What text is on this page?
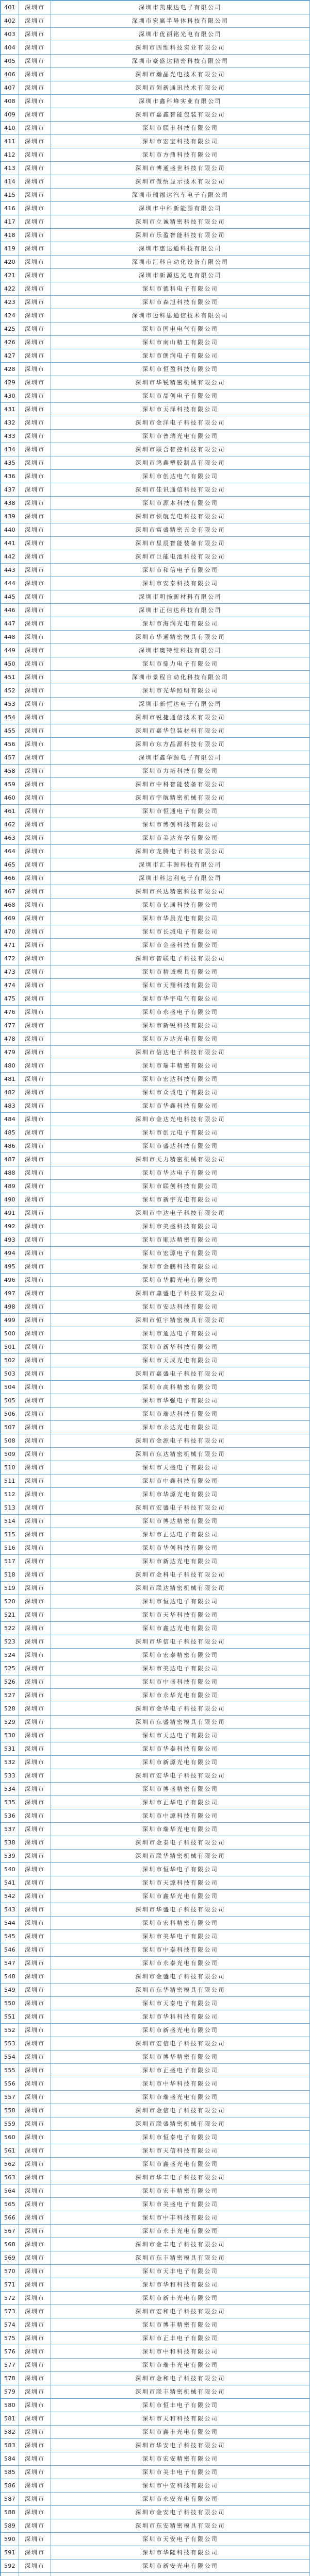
401	深圳市	深圳市凯康达电子有限公司
402	深圳市	深圳市宏赢半导体科技有限公司
403	深圳市	深圳市优丽铭光电有限公司
404	深圳市	深圳市四维科技实业有限公司
405	深圳市	深圳市豪盛达精密科技有限公司
406	深圳市	深圳市瀚晶光电技术有限公司
407	深圳市	深圳市创新通讯技术有限公司
408	深圳市	深圳市鑫科峰实业有限公司
409	深圳市	深圳市嘉鑫智能包装有限公司
410	深圳市	深圳市联丰科技有限公司
411	深圳市	深圳市宏宝科技有限公司
412	深圳市	深圳市方鼎科技有限公司
413	深圳市	深圳市博通盛世科技有限公司
414	深圳市	深圳市微纳显示技术有限公司
415	深圳市	深圳市瑞福达汽车电子有限公司
416	深圳市	深圳市中科新能源有限公司
417	深圳市	深圳市立诚精密科技有限公司
418	深圳市	深圳市乐盈智能科技有限公司
419	深圳市	深圳市惠达通科技有限公司
420	深圳市	深圳市汇科自动化设备有限公司
421	深圳市	深圳市新源达光电有限公司
422	深圳市	深圳市德科电子有限公司
423	深圳市	深圳市森旭科技有限公司
424	深圳市	深圳市迈科思通信技术有限公司
425	深圳市	深圳市国电电气有限公司
426	深圳市	深圳市南山精工有限公司
427	深圳市	深圳市朗润电子有限公司
428	深圳市	深圳市恒盈科技有限公司
429	深圳市	深圳市华锐精密机械有限公司
430	深圳市	深圳市晶创电子有限公司
431	深圳市	深圳市天泽科技有限公司
432	深圳市	深圳市金洋电子科技有限公司
433	深圳市	深圳市普瑞光电有限公司
434	深圳市	深圳市联合智控科技有限公司
435	深圳市	深圳市鸿鑫塑胶制品有限公司
436	深圳市	深圳市创达电气有限公司
437	深圳市	深圳市佳讯通信科技有限公司
438	深圳市	深圳市源本科技有限公司
439	深圳市	深圳市领航光电科技有限公司
440	深圳市	深圳市富盛精密五金有限公司
441	深圳市	深圳市星辰智能装备有限公司
442	深圳市	深圳市巨能电池科技有限公司
443	深圳市	深圳市和信电子有限公司
444	深圳市	深圳市安泰科技有限公司
445	深圳市	深圳市明扬新材料有限公司
446	深圳市	深圳市正信达科技有限公司
447	深圳市	深圳市海润光电有限公司
448	深圳市	深圳市华通精密模具有限公司
449	深圳市	深圳市奥特维科技有限公司
450	深圳市	深圳市鼎力电子有限公司
451	深圳市	深圳市景程自动化科技有限公司
452	深圳市	深圳市光华照明有限公司
453	深圳市	深圳市新恒达电子有限公司
454	深圳市	深圳市锐捷通信技术有限公司
455	深圳市	深圳市嘉华包装材料有限公司
456	深圳市	深圳市东方晶源科技有限公司
457	深圳市	深圳市鑫华源电子有限公司
458	深圳市	深圳市力拓科技有限公司
459	深圳市	深圳市中科智能装备有限公司
460	深圳市	深圳市宇航精密机械有限公司
461	深圳市	深圳市恒通电子有限公司
462	深圳市	深圳市博创科技有限公司
463	深圳市	深圳市美达光学有限公司
464	深圳市	深圳市龙腾电子科技有限公司
465	深圳市	深圳市汇丰源科技有限公司
466	深圳市	深圳市科达利电子有限公司
467	深圳市	深圳市兴达精密科技有限公司
468	深圳市	深圳市亿通科技有限公司
469	深圳市	深圳市华晨光电有限公司
470	深圳市	深圳市长城电子有限公司
471	深圳市	深圳市金盛科技有限公司
472	深圳市	深圳市智联电子科技有限公司
473	深圳市	深圳市精诚模具有限公司
474	深圳市	深圳市天翔科技有限公司
475	深圳市	深圳市华宇电气有限公司
476	深圳市	深圳市永盛电子有限公司
477	深圳市	深圳市新锐科技有限公司
478	深圳市	深圳市万达光电有限公司
479	深圳市	深圳市信达电子科技有限公司
480	深圳市	深圳市瑞丰精密有限公司
481	深圳市	深圳市宏达科技有限公司
482	深圳市	深圳市众诚电子有限公司
483	深圳市	深圳市华鑫科技有限公司
484	深圳市	深圳市金达光电科技有限公司
485	深圳市	深圳市创元电子有限公司
486	深圳市	深圳市盛达科技有限公司
487	深圳市	深圳市天力精密机械有限公司
488	深圳市	深圳市华达电子有限公司
489	深圳市	深圳市联创科技有限公司
490	深圳市	深圳市新宇光电有限公司
491	深圳市	深圳市中达电子科技有限公司
492	深圳市	深圳市美盛科技有限公司
493	深圳市	深圳市顺达精密有限公司
494	深圳市	深圳市宏源电子有限公司
495	深圳市	深圳市金鹏科技有限公司
496	深圳市	深圳市华腾光电有限公司
497	深圳市	深圳市鼎盛电子科技有限公司
498	深圳市	深圳市安达科技有限公司
499	深圳市	深圳市恒宇精密模具有限公司
500	深圳市	深圳市通达电子有限公司
501	深圳市	深圳市新华科技有限公司
502	深圳市	深圳市天成光电有限公司
503	深圳市	深圳市嘉盛电子科技有限公司
504	深圳市	深圳市高科精密有限公司
505	深圳市	深圳市华强电子有限公司
506	深圳市	深圳市瑞达科技有限公司
507	深圳市	深圳市永达光电有限公司
508	深圳市	深圳市金源电子科技有限公司
509	深圳市	深圳市东达精密机械有限公司
510	深圳市	深圳市天盛电子有限公司
511	深圳市	深圳市中鑫科技有限公司
512	深圳市	深圳市华源光电有限公司
513	深圳市	深圳市宏盛电子科技有限公司
514	深圳市	深圳市博达精密有限公司
515	深圳市	深圳市正达电子有限公司
516	深圳市	深圳市华创科技有限公司
517	深圳市	深圳市新达光电有限公司
518	深圳市	深圳市金科电子科技有限公司
519	深圳市	深圳市联达精密机械有限公司
520	深圳市	深圳市恒达电子有限公司
521	深圳市	深圳市天华科技有限公司
522	深圳市	深圳市鑫达光电有限公司
523	深圳市	深圳市华信电子科技有限公司
524	深圳市	深圳市宏泰精密有限公司
525	深圳市	深圳市美达电子有限公司
526	深圳市	深圳市中盛科技有限公司
527	深圳市	深圳市永华光电有限公司
528	深圳市	深圳市金华电子科技有限公司
529	深圳市	深圳市东盛精密模具有限公司
530	深圳市	深圳市天达电子有限公司
531	深圳市	深圳市华泰科技有限公司
532	深圳市	深圳市新源光电有限公司
533	深圳市	深圳市宏华电子科技有限公司
534	深圳市	深圳市博盛精密有限公司
535	深圳市	深圳市正华电子有限公司
536	深圳市	深圳市中源科技有限公司
537	深圳市	深圳市瑞华光电有限公司
538	深圳市	深圳市金泰电子科技有限公司
539	深圳市	深圳市联华精密机械有限公司
540	深圳市	深圳市恒华电子有限公司
541	深圳市	深圳市天源科技有限公司
542	深圳市	深圳市鑫华光电有限公司
543	深圳市	深圳市华盛电子科技有限公司
544	深圳市	深圳市宏科精密有限公司
545	深圳市	深圳市美华电子有限公司
546	深圳市	深圳市中泰科技有限公司
547	深圳市	深圳市永泰光电有限公司
548	深圳市	深圳市金盛电子科技有限公司
549	深圳市	深圳市东华精密模具有限公司
550	深圳市	深圳市天泰电子有限公司
551	深圳市	深圳市华科科技有限公司
552	深圳市	深圳市新盛光电有限公司
553	深圳市	深圳市宏信电子科技有限公司
554	深圳市	深圳市博华精密有限公司
555	深圳市	深圳市正盛电子有限公司
556	深圳市	深圳市中华科技有限公司
557	深圳市	深圳市瑞盛光电有限公司
558	深圳市	深圳市金信电子科技有限公司
559	深圳市	深圳市联盛精密机械有限公司
560	深圳市	深圳市恒泰电子有限公司
561	深圳市	深圳市天信科技有限公司
562	深圳市	深圳市鑫盛光电有限公司
563	深圳市	深圳市华丰电子科技有限公司
564	深圳市	深圳市宏丰精密有限公司
565	深圳市	深圳市美盛电子有限公司
566	深圳市	深圳市中丰科技有限公司
567	深圳市	深圳市永丰光电有限公司
568	深圳市	深圳市金丰电子科技有限公司
569	深圳市	深圳市东丰精密模具有限公司
570	深圳市	深圳市天丰电子有限公司
571	深圳市	深圳市华和科技有限公司
572	深圳市	深圳市新丰光电有限公司
573	深圳市	深圳市宏和电子科技有限公司
574	深圳市	深圳市博丰精密有限公司
575	深圳市	深圳市正丰电子有限公司
576	深圳市	深圳市中和科技有限公司
577	深圳市	深圳市瑞丰光电有限公司
578	深圳市	深圳市金和电子科技有限公司
579	深圳市	深圳市联丰精密机械有限公司
580	深圳市	深圳市恒丰电子有限公司
581	深圳市	深圳市天和科技有限公司
582	深圳市	深圳市鑫丰光电有限公司
583	深圳市	深圳市华安电子科技有限公司
584	深圳市	深圳市宏安精密有限公司
585	深圳市	深圳市美丰电子有限公司
586	深圳市	深圳市中安科技有限公司
587	深圳市	深圳市永安光电有限公司
588	深圳市	深圳市金安电子科技有限公司
589	深圳市	深圳市东安精密模具有限公司
590	深圳市	深圳市天安电子有限公司
591	深圳市	深圳市华隆科技有限公司
592	深圳市	深圳市新安光电有限公司
